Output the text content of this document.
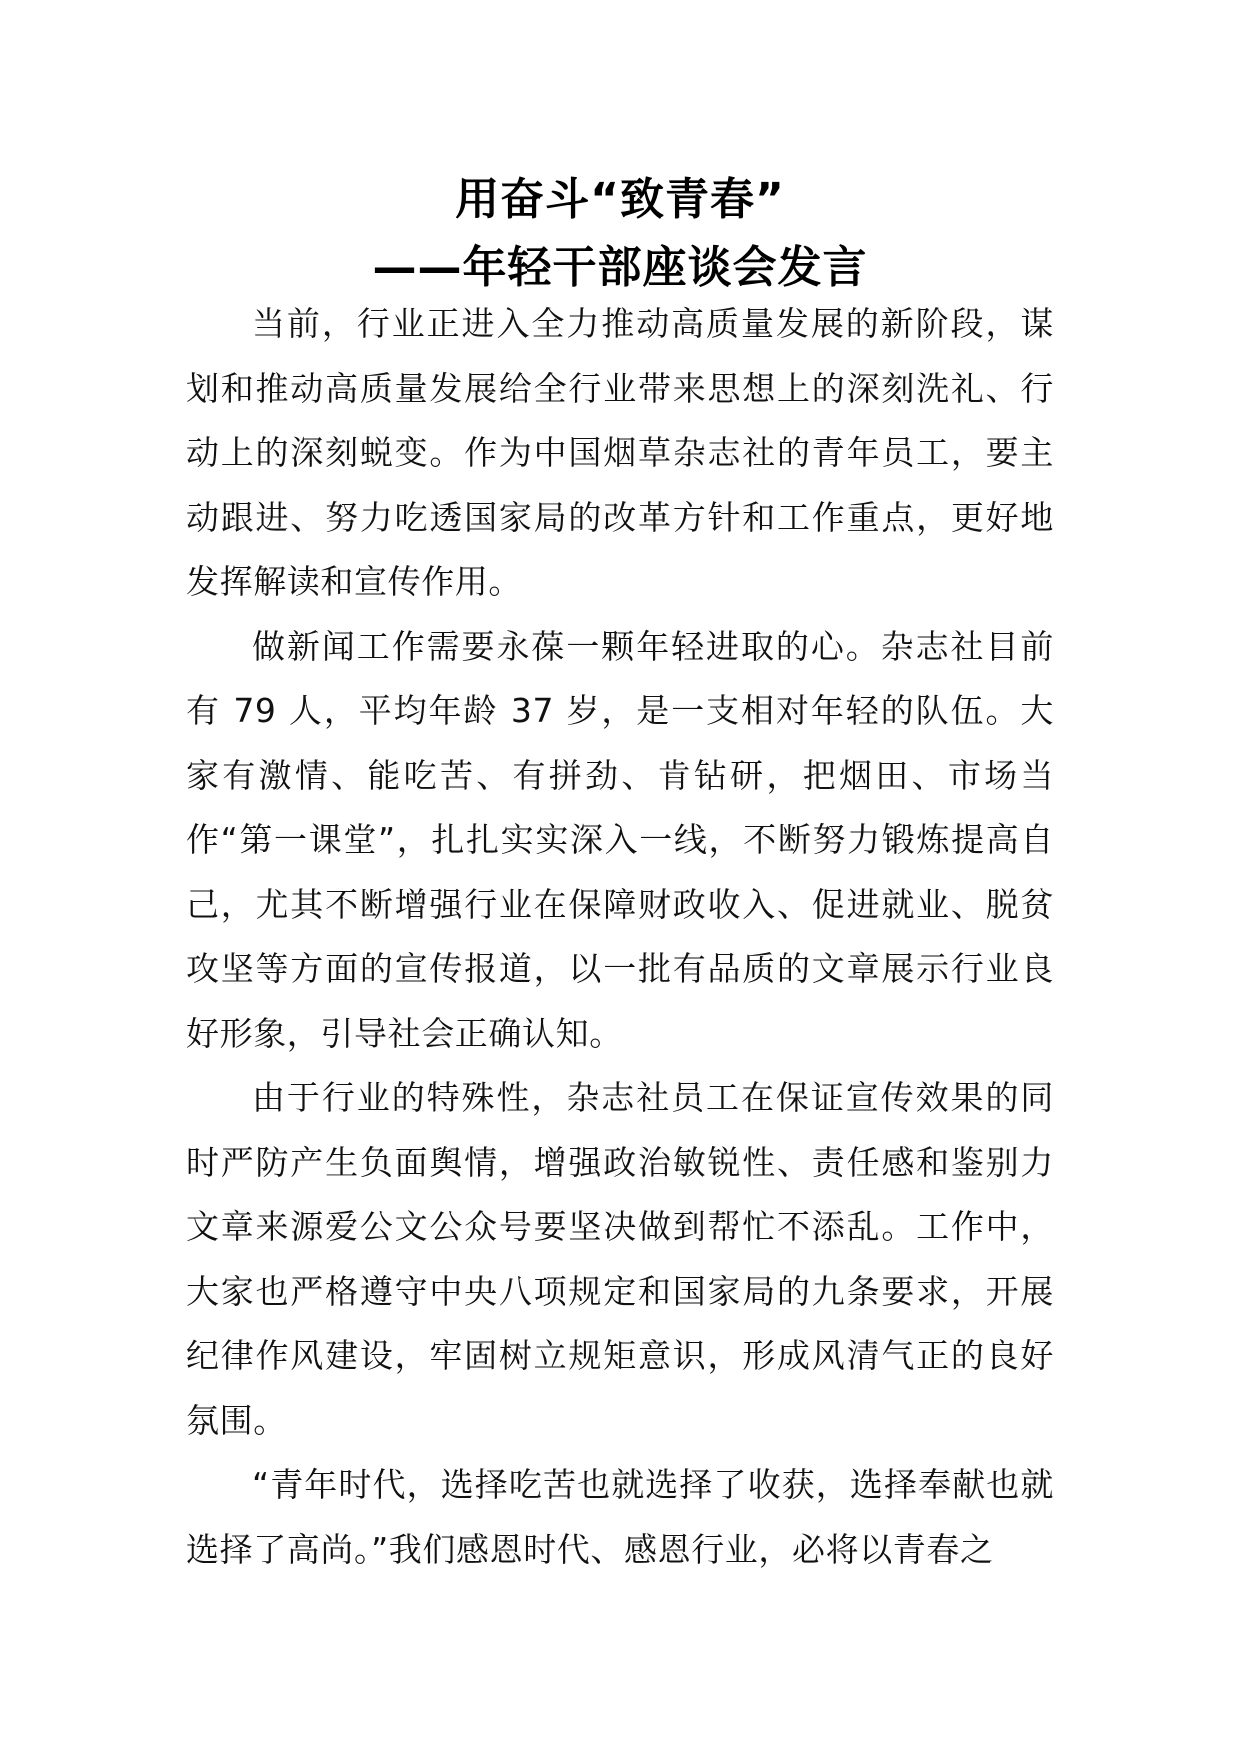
用奋斗“致青春”
——年轻干部座谈会发言

当前，行业正进入全力推动高质量发展的新阶段，谋划和推动高质量发展给全行业带来思想上的深刻洗礼、行动上的深刻蜕变。作为中国烟草杂志社的青年员工，要主动跟进、努力吃透国家局的改革方针和工作重点，更好地发挥解读和宣传作用。

做新闻工作需要永葆一颗年轻进取的心。杂志社目前有 79 人，平均年龄 37 岁，是一支相对年轻的队伍。大家有激情、能吃苦、有拼劲、肯钻研，把烟田、市场当作“第一课堂”，扎扎实实深入一线，不断努力锻炼提高自己，尤其不断增强行业在保障财政收入、促进就业、脱贫攻坚等方面的宣传报道，以一批有品质的文章展示行业良好形象，引导社会正确认知。

由于行业的特殊性，杂志社员工在保证宣传效果的同时严防产生负面舆情，增强政治敏锐性、责任感和鉴别力文章来源爱公文公众号要坚决做到帮忙不添乱。工作中，大家也严格遵守中央八项规定和国家局的九条要求，开展纪律作风建设，牢固树立规矩意识，形成风清气正的良好氛围。

“青年时代，选择吃苦也就选择了收获，选择奉献也就选择了高尚。”我们感恩时代、感恩行业，必将以青春之
